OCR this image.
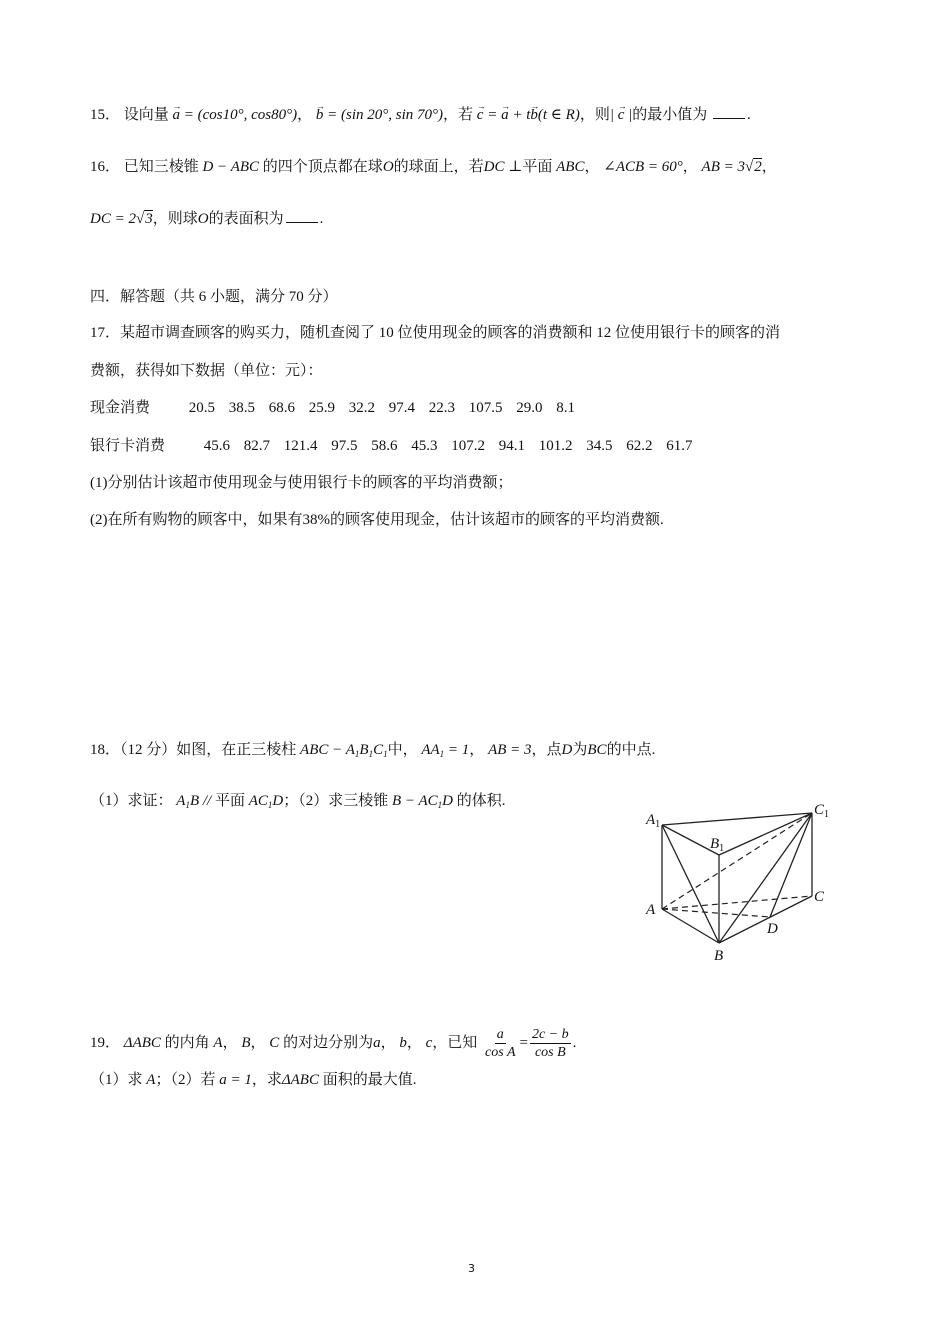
15． 设向量 → a = (cos10°, cos80°)， → b = (sin 20°, sin 70°)，若 → c = → a + t→ b(t ∈ R)，则| → c |的最小值为	.
16． 已知三棱锥 D − ABC 的四个顶点都在球O的球面上，若DC ⊥平面 ABC， ∠ACB = 60°， AB = 3√2，
DC = 2√3，则球O的表面积为 .
四．解答题（共 6 小题，满分 70 分）
17．某超市调查顾客的购买力，随机查阅了 10 位使用现金的顾客的消费额和 12 位使用银行卡的顾客的消
费额，获得如下数据（单位：元）：
现金消费	20.5 38.5 68.6 25.9 32.2 97.4 22.3 107.5 29.0 8.1
银行卡消费	45.6 82.7 121.4 97.5 58.6 45.3 107.2 94.1 101.2 34.5 62.2 61.7
(1)分别估计该超市使用现金与使用银行卡的顾客的平均消费额；
(2)在所有购物的顾客中，如果有38%的顾客使用现金，估计该超市的顾客的平均消费额.
18．（12 分）如图，在正三棱柱 ABC − $A_1B_1C_1$中， $AA_1 = 1$， AB = 3，点D为BC的中点.
（1）求证： $A_1B$ // 平面 $AC_1D$；（2）求三棱锥 $B - AC_1D$ 的体积.
$A_1$
$B_1$
$C_1$
A
C
B
D
19． ΔABC 的内角 A， B， C 的对边分别为a， b， c，已知 $\frac{a}{\text{cos A}} = \frac{2c - b}{\text{cos B}}$ .
（1）求 A；（2）若 a = 1，求ΔABC 面积的最大值.
3
